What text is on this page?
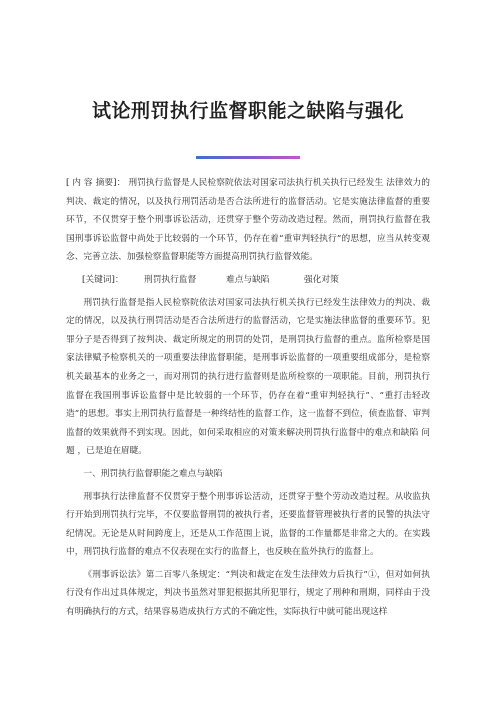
试论刑罚执行监督职能之缺陷与强化

[ 内 容 摘要]： 刑罚执行监督是人民检察院依法对国家司法执行机关执行已经发生 法律效力的判决、裁定的情况，以及执行刑罚活动是否合法所进行的监督活动。它是实施法律监督的重要环节，不仅贯穿于整个刑事诉讼活动，还贯穿于整个劳动改造过程。然而，刑罚执行监督在我国刑事诉讼监督中尚处于比较弱的一个环节，仍存在着“重审判轻执行”的思想，应当从转变观念、完善立法、加强检察监督职能等方面提高刑罚执行监督效能。

[关键词]：	刑罚执行监督	难点与缺陷	强化对策

刑罚执行监督是指人民检察院依法对国家司法执行机关执行已经发生法律效力的判决、裁定的情况，以及执行刑罚活动是否合法所进行的监督活动，它是实施法律监督的重要环节。犯罪分子是否得到了按判决、裁定所规定的刑罚的处罚，是刑罚执行监督的重点。监所检察是国家法律赋予检察机关的一项重要法律监督职能，是刑事诉讼监督的一项重要组成部分，是检察机关最基本的业务之一，而对刑罚的执行进行监督则是监所检察的一项职能。目前，刑罚执行监督在我国刑事诉讼监督中是比较弱的一个环节，仍存在着“重审判轻执行”、“重打击轻改造”的思想。事实上刑罚执行监督是一种终结性的监督工作，这一监督不到位，侦查监督、审判监督的效果就得不到实现。因此，如何采取相应的对策来解决刑罚执行监督中的难点和缺陷 问题 ，已是迫在眉睫。

一、刑罚执行监督职能之难点与缺陷

刑事执行法律监督不仅贯穿于整个刑事诉讼活动，还贯穿于整个劳动改造过程。从收监执行开始到刑罚执行完毕，不仅要监督刑罚的被执行者，还要监督管理被执行者的民警的执法守纪情况。无论是从时间跨度上，还是从工作范围上说，监督的工作量都是非常之大的。在实践中，刑罚执行监督的难点不仅表现在实行的监督上，也反映在监外执行的监督上。

《刑事诉讼法》第二百零八条规定：“判决和裁定在发生法律效力后执行”①，但对如何执行没有作出过具体规定，判决书虽然对罪犯根据其所犯罪行，规定了刑种和刑期，同样由于没有明确执行的方式，结果容易造成执行方式的不确定性，实际执行中就可能出现这样
